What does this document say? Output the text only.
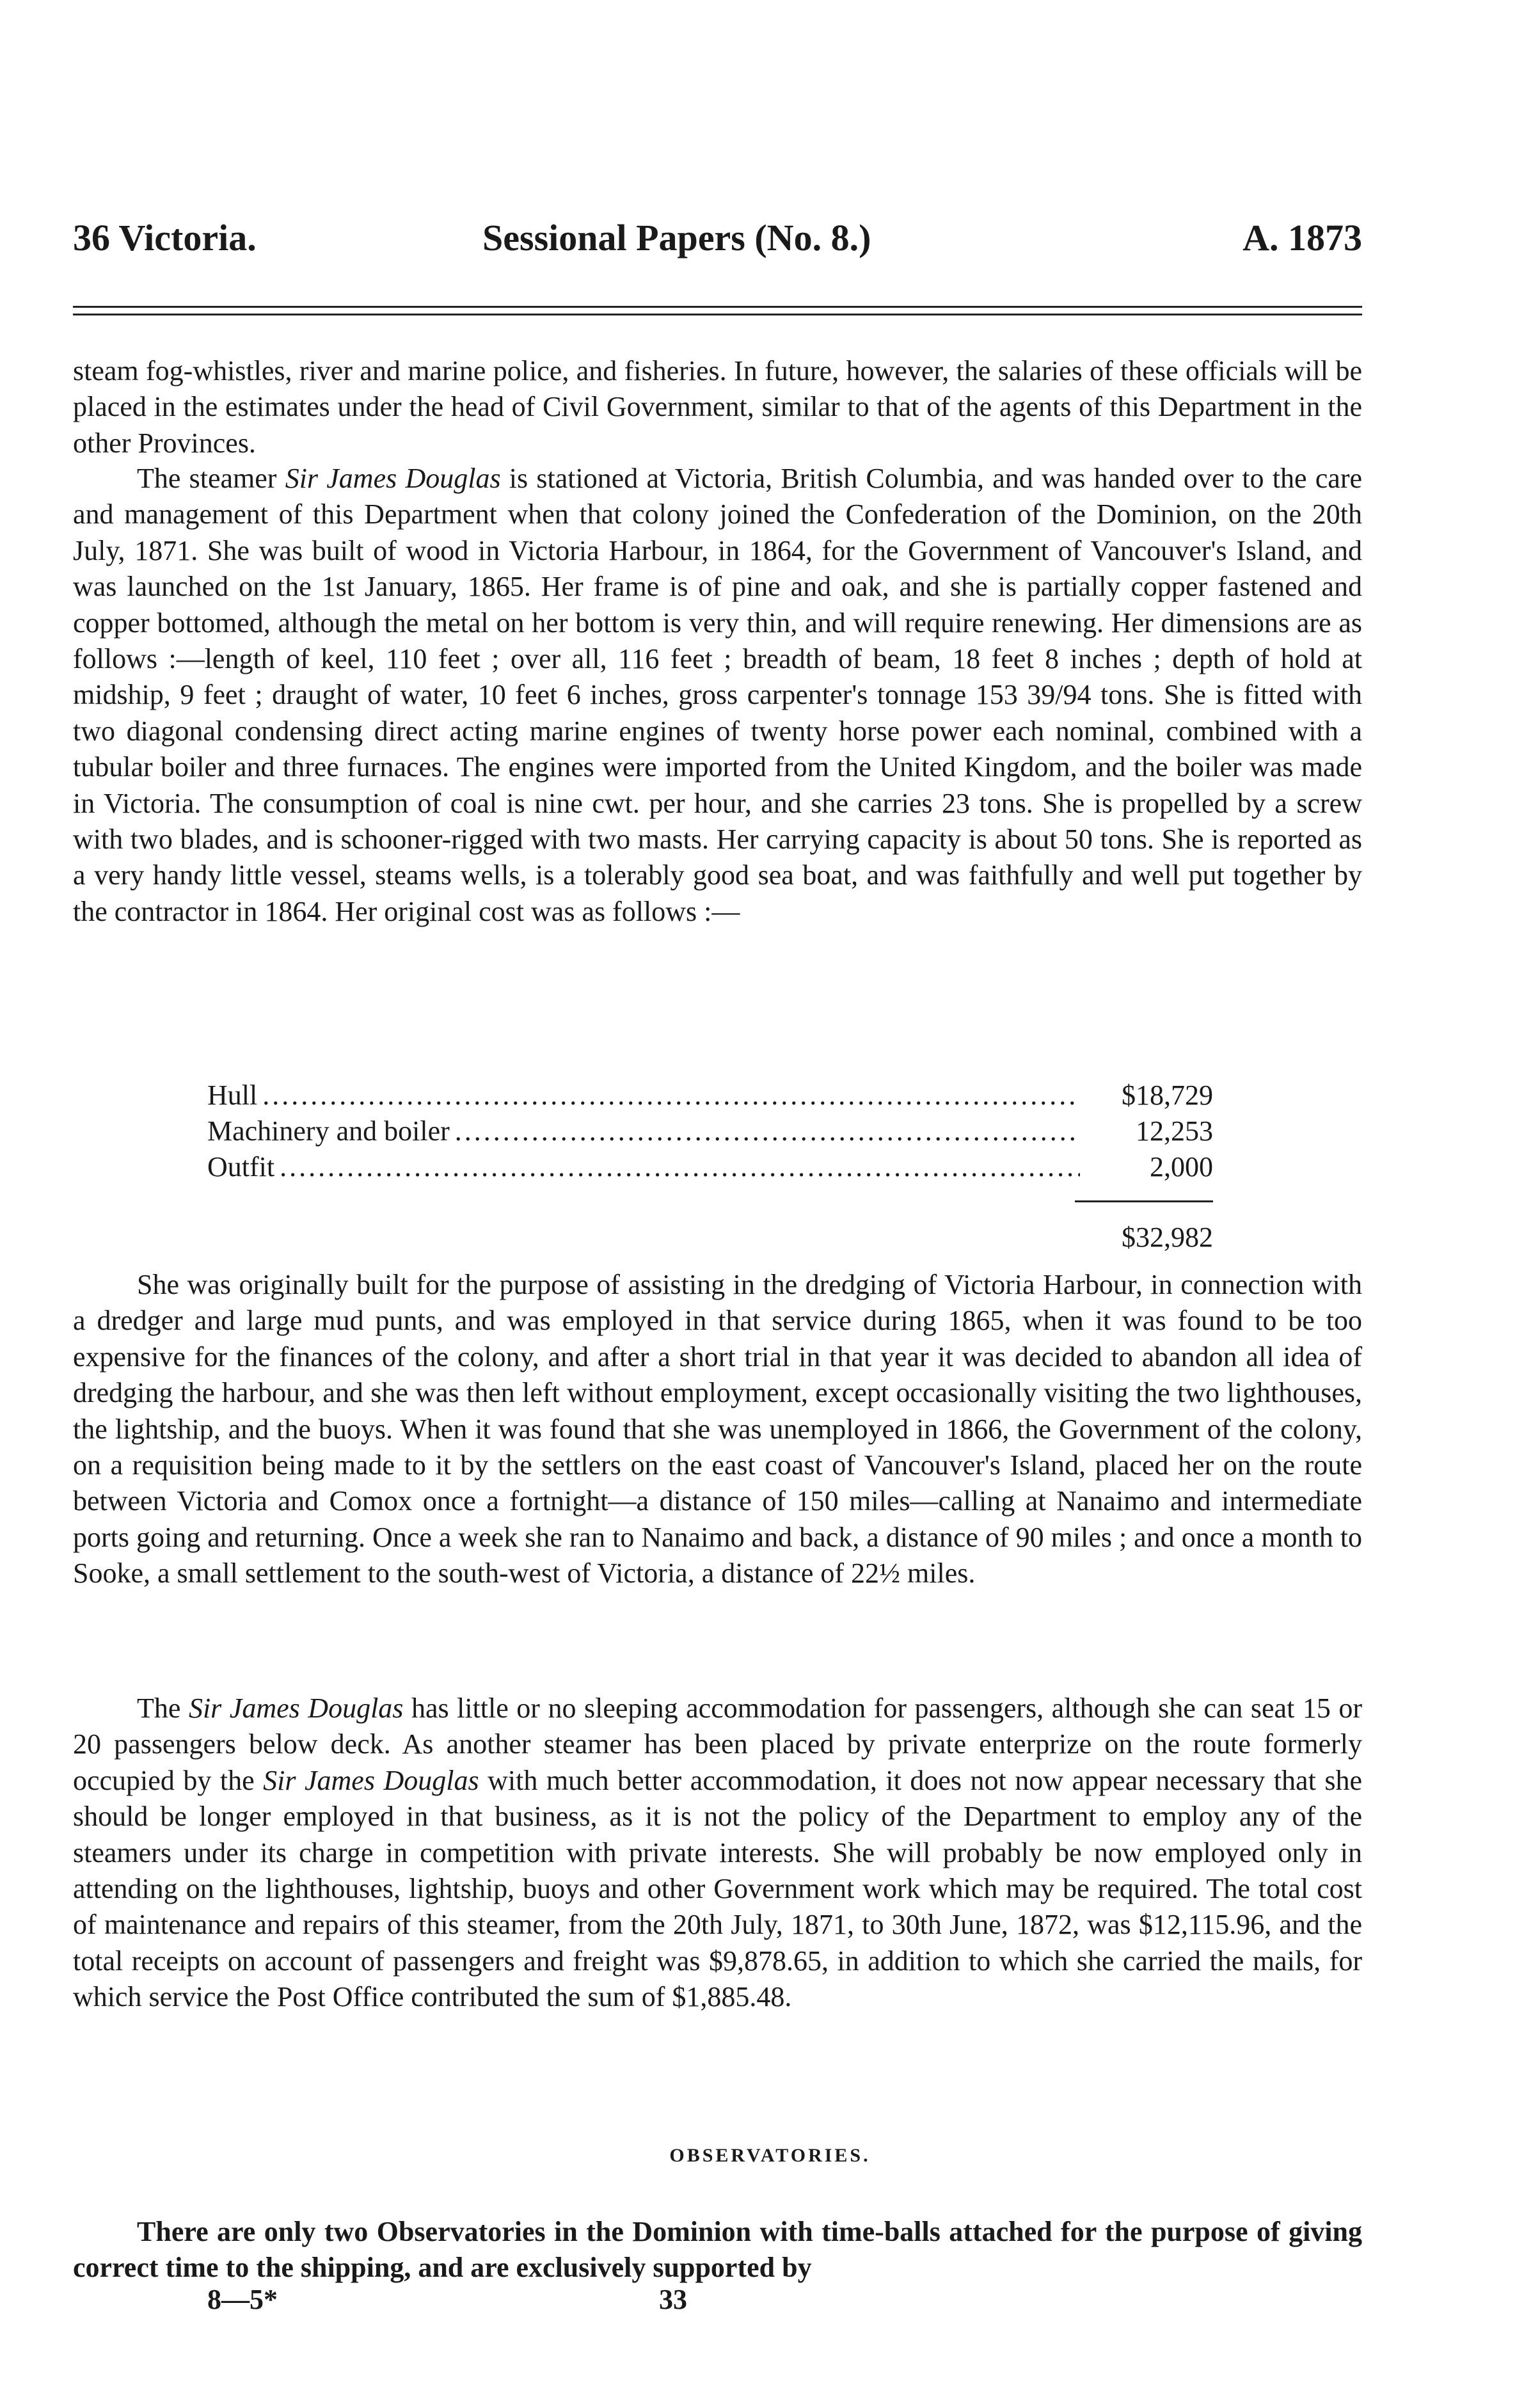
36 Victoria.	Sessional Papers (No. 8.)	A. 1873

steam fog-whistles, river and marine police, and fisheries. In future, however, the salaries of these officials will be placed in the estimates under the head of Civil Government, similar to that of the agents of this Department in the other Provinces.

The steamer Sir James Douglas is stationed at Victoria, British Columbia, and was handed over to the care and management of this Department when that colony joined the Confederation of the Dominion, on the 20th July, 1871. She was built of wood in Victoria Harbour, in 1864, for the Government of Vancouver's Island, and was launched on the 1st January, 1865. Her frame is of pine and oak, and she is partially copper fastened and copper bottomed, although the metal on her bottom is very thin, and will require renewing. Her dimensions are as follows :—length of keel, 110 feet ; over all, 116 feet ; breadth of beam, 18 feet 8 inches ; depth of hold at midship, 9 feet ; draught of water, 10 feet 6 inches, gross carpenter's tonnage 153 39/94 tons. She is fitted with two diagonal condensing direct acting marine engines of twenty horse power each nominal, combined with a tubular boiler and three furnaces. The engines were imported from the United Kingdom, and the boiler was made in Victoria. The consumption of coal is nine cwt. per hour, and she carries 23 tons. She is propelled by a screw with two blades, and is schooner-rigged with two masts. Her carrying capacity is about 50 tons. She is reported as a very handy little vessel, steams wells, is a tolerably good sea boat, and was faithfully and well put together by the contractor in 1864. Her original cost was as follows :—

Hull .....	$18,729
Machinery and boiler .....	12,253
Outfit .....	2,000
$32,982

She was originally built for the purpose of assisting in the dredging of Victoria Harbour, in connection with a dredger and large mud punts, and was employed in that service during 1865, when it was found to be too expensive for the finances of the colony, and after a short trial in that year it was decided to abandon all idea of dredging the harbour, and she was then left without employment, except occasionally visiting the two lighthouses, the lightship, and the buoys. When it was found that she was unemployed in 1866, the Government of the colony, on a requisition being made to it by the settlers on the east coast of Vancouver's Island, placed her on the route between Victoria and Comox once a fortnight—a distance of 150 miles—calling at Nanaimo and intermediate ports going and returning. Once a week she ran to Nanaimo and back, a distance of 90 miles ; and once a month to Sooke, a small settlement to the south-west of Victoria, a distance of 22½ miles.

The Sir James Douglas has little or no sleeping accommodation for passengers, although she can seat 15 or 20 passengers below deck. As another steamer has been placed by private enterprize on the route formerly occupied by the Sir James Douglas with much better accommodation, it does not now appear necessary that she should be longer employed in that business, as it is not the policy of the Department to employ any of the steamers under its charge in competition with private interests. She will probably be now employed only in attending on the lighthouses, lightship, buoys and other Government work which may be required. The total cost of maintenance and repairs of this steamer, from the 20th July, 1871, to 30th June, 1872, was $12,115.96, and the total receipts on account of passengers and freight was $9,878.65, in addition to which she carried the mails, for which service the Post Office contributed the sum of $1,885.48.

OBSERVATORIES.

There are only two Observatories in the Dominion with time-balls attached for the purpose of giving correct time to the shipping, and are exclusively supported by

8—5*	33
